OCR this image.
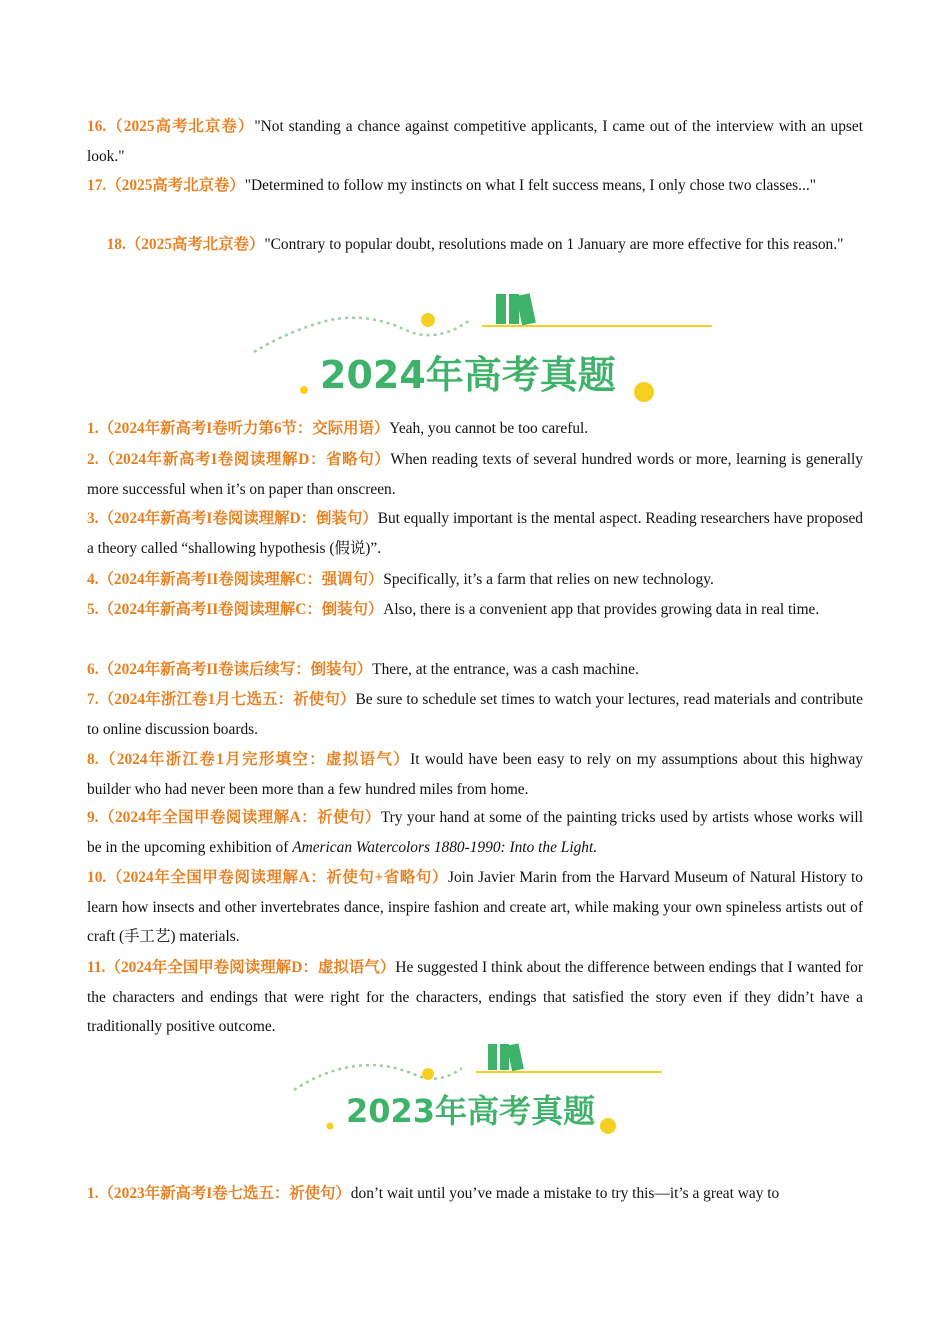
16.（2025高考北京卷）"Not standing a chance against competitive applicants, I came out of the interview with an upset look."

17.（2025高考北京卷）"Determined to follow my instincts on what I felt success means, I only chose two classes..."

18.（2025高考北京卷）"Contrary to popular doubt, resolutions made on 1 January are more effective for this reason."

2024年高考真题

1.（2024年新高考I卷听力第6节：交际用语）Yeah, you cannot be too careful.

2.（2024年新高考I卷阅读理解D：省略句）When reading texts of several hundred words or more, learning is generally more successful when it’s on paper than onscreen.

3.（2024年新高考I卷阅读理解D：倒装句）But equally important is the mental aspect. Reading researchers have proposed a theory called “shallowing hypothesis (假说)”.

4.（2024年新高考II卷阅读理解C：强调句）Specifically, it’s a farm that relies on new technology.

5.（2024年新高考II卷阅读理解C：倒装句）Also, there is a convenient app that provides growing data in real time.

6.（2024年新高考II卷读后续写：倒装句）There, at the entrance, was a cash machine.

7.（2024年浙江卷1月七选五：祈使句）Be sure to schedule set times to watch your lectures, read materials and contribute to online discussion boards.

8.（2024年浙江卷1月完形填空：虚拟语气）It would have been easy to rely on my assumptions about this highway builder who had never been more than a few hundred miles from home.

9.（2024年全国甲卷阅读理解A：祈使句）Try your hand at some of the painting tricks used by artists whose works will be in the upcoming exhibition of American Watercolors 1880-1990: Into the Light.

10.（2024年全国甲卷阅读理解A：祈使句+省略句）Join Javier Marin from the Harvard Museum of Natural History to learn how insects and other invertebrates dance, inspire fashion and create art, while making your own spineless artists out of craft (手工艺) materials.

11.（2024年全国甲卷阅读理解D：虚拟语气）He suggested I think about the difference between endings that I wanted for the characters and endings that were right for the characters, endings that satisfied the story even if they didn’t have a traditionally positive outcome.

2023年高考真题

1.（2023年新高考I卷七选五：祈使句）don’t wait until you’ve made a mistake to try this—it’s a great way to
